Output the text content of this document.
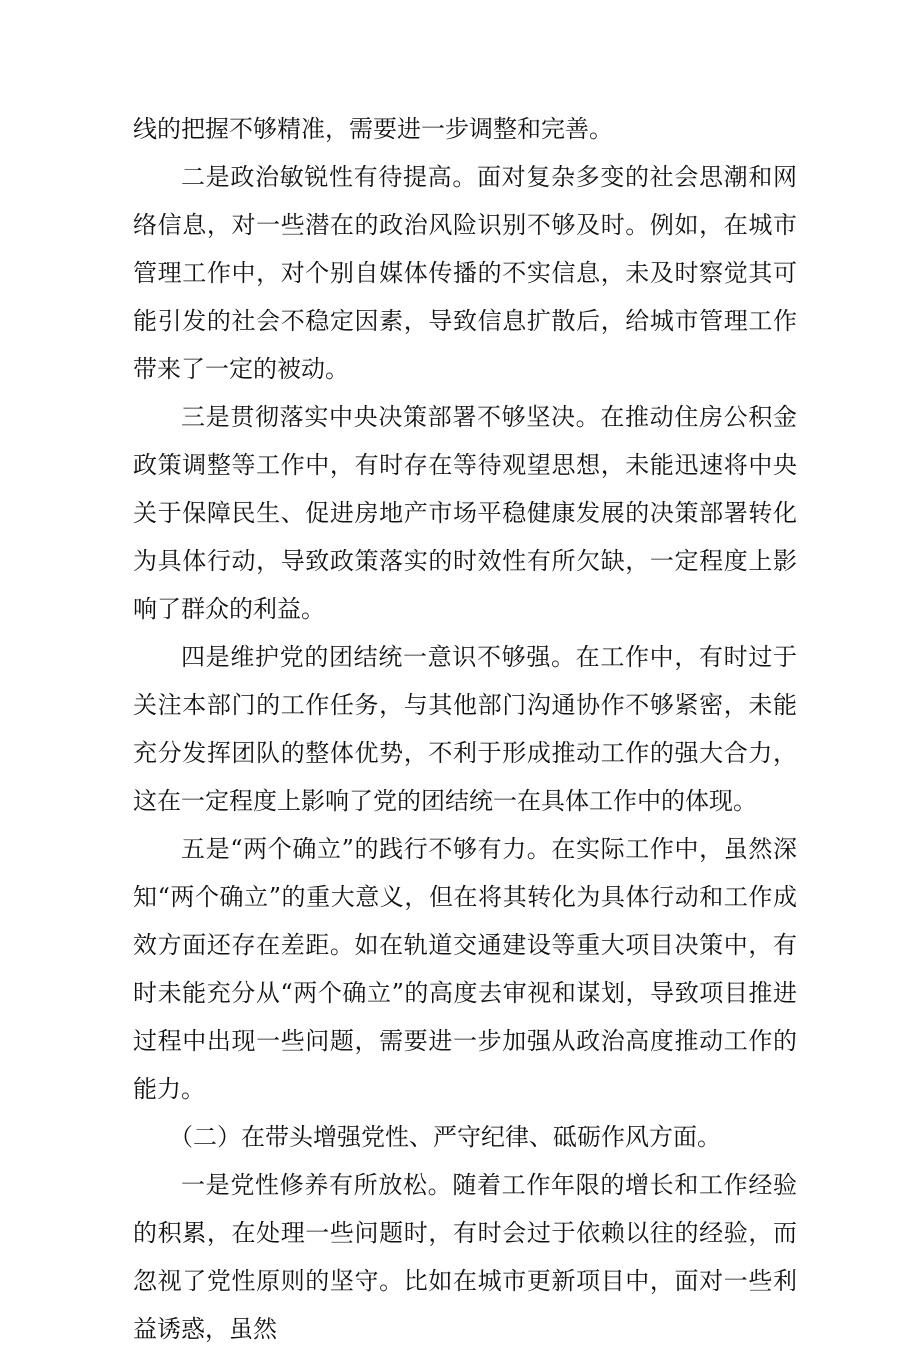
线的把握不够精准，需要进一步调整和完善。

二是政治敏锐性有待提高。面对复杂多变的社会思潮和网络信息，对一些潜在的政治风险识别不够及时。例如，在城市管理工作中，对个别自媒体传播的不实信息，未及时察觉其可能引发的社会不稳定因素，导致信息扩散后，给城市管理工作带来了一定的被动。

三是贯彻落实中央决策部署不够坚决。在推动住房公积金政策调整等工作中，有时存在等待观望思想，未能迅速将中央关于保障民生、促进房地产市场平稳健康发展的决策部署转化为具体行动，导致政策落实的时效性有所欠缺，一定程度上影响了群众的利益。

四是维护党的团结统一意识不够强。在工作中，有时过于关注本部门的工作任务，与其他部门沟通协作不够紧密，未能充分发挥团队的整体优势，不利于形成推动工作的强大合力，这在一定程度上影响了党的团结统一在具体工作中的体现。

五是“两个确立”的践行不够有力。在实际工作中，虽然深知“两个确立”的重大意义，但在将其转化为具体行动和工作成效方面还存在差距。如在轨道交通建设等重大项目决策中，有时未能充分从“两个确立”的高度去审视和谋划，导致项目推进过程中出现一些问题，需要进一步加强从政治高度推动工作的能力。

（二）在带头增强党性、严守纪律、砥砺作风方面。

一是党性修养有所放松。随着工作年限的增长和工作经验的积累，在处理一些问题时，有时会过于依赖以往的经验，而忽视了党性原则的坚守。比如在城市更新项目中，面对一些利益诱惑，虽然
